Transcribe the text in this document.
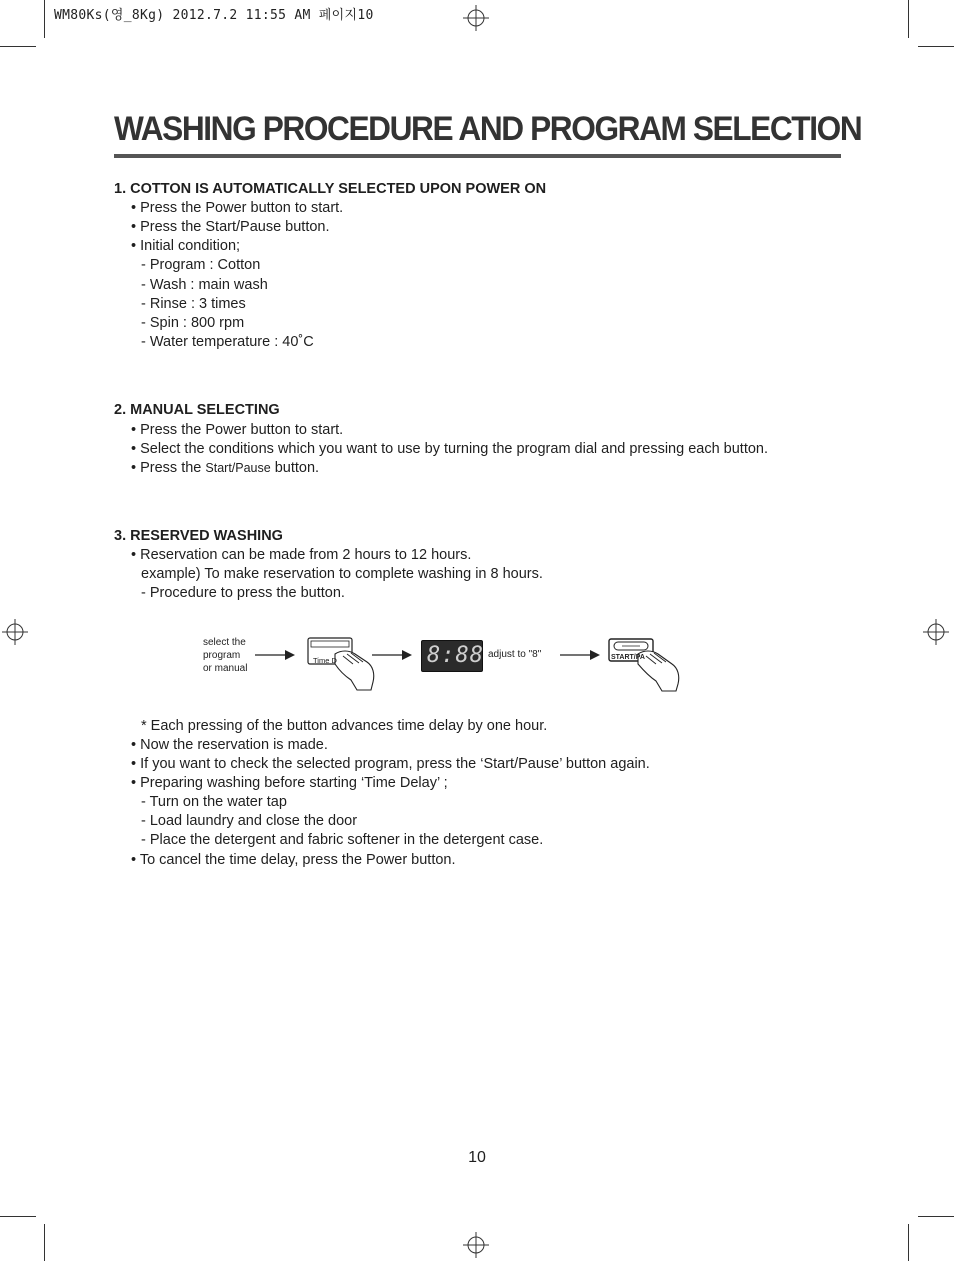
WM80Ks(영_8Kg) 2012.7.2 11:55 AM 페이지10
WASHING PROCEDURE AND PROGRAM SELECTION
1. COTTON IS AUTOMATICALLY SELECTED UPON POWER ON
• Press the Power button to start.
• Press the Start/Pause button.
• Initial condition;
- Program : Cotton
- Wash : main wash
- Rinse : 3 times
- Spin : 800 rpm
- Water temperature : 40˚C
2. MANUAL SELECTING
• Press the Power button to start.
• Select the conditions which you want to use by turning the program dial and pressing each button.
• Press the Start/Pause button.
3. RESERVED WASHING
• Reservation can be made from 2 hours to 12 hours.
example) To make reservation to complete washing in 8 hours.
- Procedure to press the button.
select the
program
or manual
Time D	8:88 adjust to "8"	START/PA
* Each pressing of the button advances time delay by one hour.
• Now the reservation is made.
• If you want to check the selected program, press the ‘Start/Pause’ button again.
• Preparing washing before starting ‘Time Delay’ ;
- Turn on the water tap
- Load laundry and close the door
- Place the detergent and fabric softener in the detergent case.
• To cancel the time delay, press the Power button.
10
